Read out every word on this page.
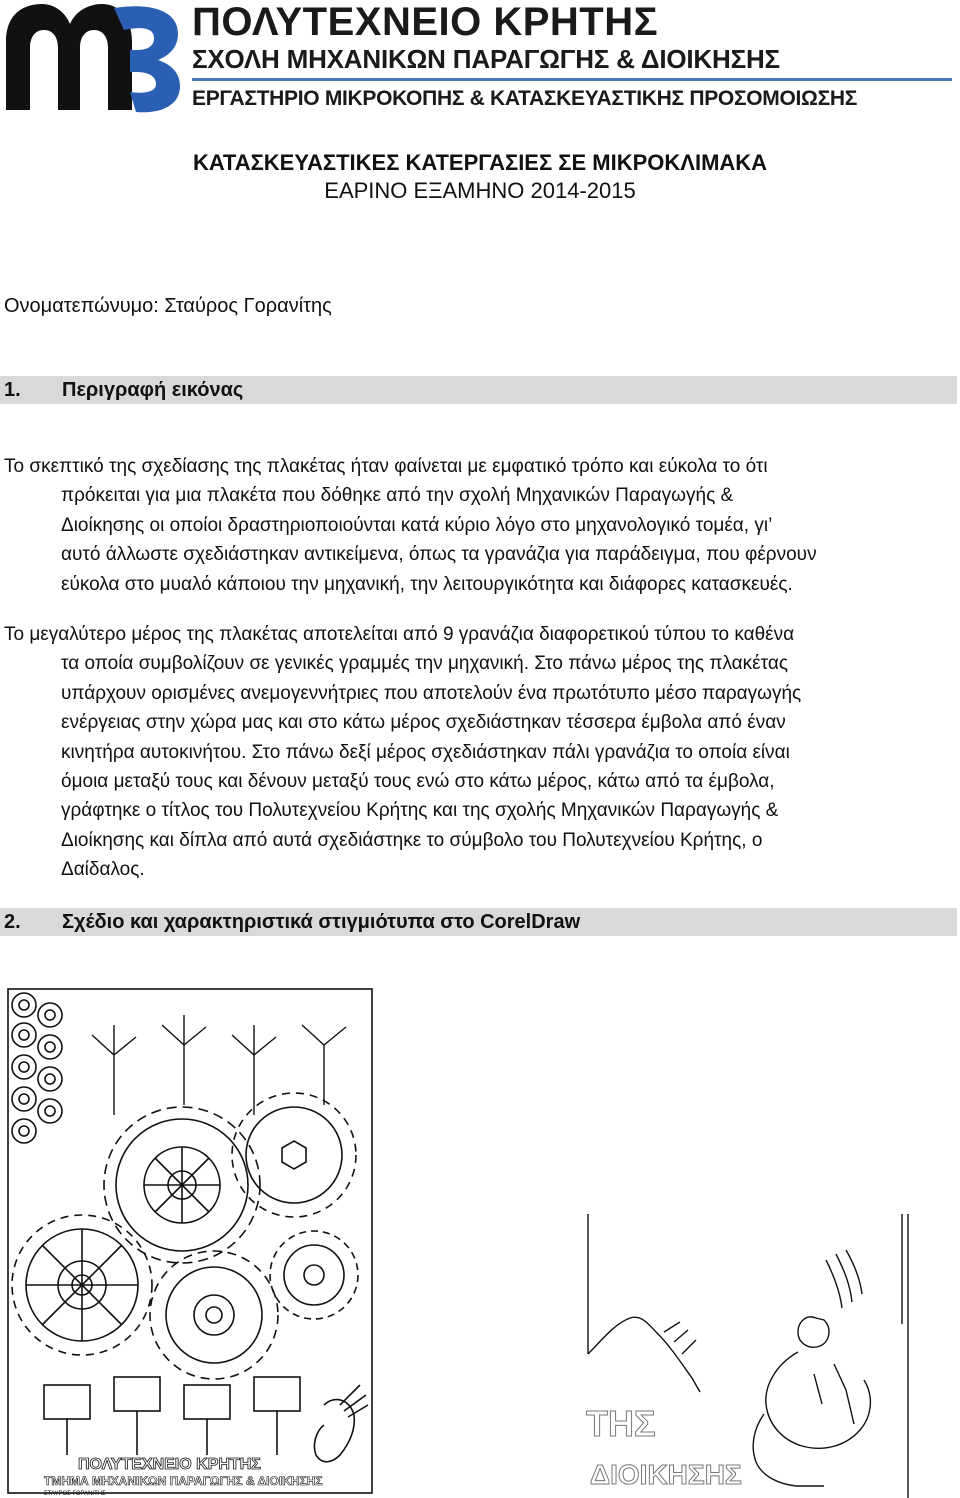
ΠΟΛΥΤΕΧΝΕΙΟ ΚΡΗΤΗΣ
ΣΧΟΛΗ ΜΗΧΑΝΙΚΩΝ ΠΑΡΑΓΩΓΗΣ & ΔΙΟΙΚΗΣΗΣ
ΕΡΓΑΣΤΗΡΙΟ ΜΙΚΡΟΚΟΠΗΣ & ΚΑΤΑΣΚΕΥΑΣΤΙΚΗΣ ΠΡΟΣΟΜΟΙΩΣΗΣ
ΚΑΤΑΣΚΕΥΑΣΤΙΚΕΣ ΚΑΤΕΡΓΑΣΙΕΣ ΣΕ ΜΙΚΡΟΚΛΙΜΑΚΑ
ΕΑΡΙΝΟ ΕΞΑΜΗΝΟ 2014-2015
Ονοματεπώνυμο: Σταύρος Γορανίτης
1. Περιγραφή εικόνας
Το σκεπτικό της σχεδίασης της πλακέτας ήταν φαίνεται με εμφατικό τρόπο και εύκολα το ότι
πρόκειται για μια πλακέτα που δόθηκε από την σχολή Μηχανικών Παραγωγής &
Διοίκησης οι οποίοι δραστηριοποιούνται κατά κύριο λόγο στο μηχανολογικό τομέα, γι’
αυτό άλλωστε σχεδιάστηκαν αντικείμενα, όπως τα γρανάζια για παράδειγμα, που φέρνουν
εύκολα στο μυαλό κάποιου την μηχανική, την λειτουργικότητα και διάφορες κατασκευές.
Το μεγαλύτερο μέρος της πλακέτας αποτελείται από 9 γρανάζια διαφορετικού τύπου το καθένα
τα οποία συμβολίζουν σε γενικές γραμμές την μηχανική. Στο πάνω μέρος της πλακέτας
υπάρχουν ορισμένες ανεμογεννήτριες που αποτελούν ένα πρωτότυπο μέσο παραγωγής
ενέργειας στην χώρα μας και στο κάτω μέρος σχεδιάστηκαν τέσσερα έμβολα από έναν
κινητήρα αυτοκινήτου. Στο πάνω δεξί μέρος σχεδιάστηκαν πάλι γρανάζια το οποία είναι
όμοια μεταξύ τους και δένουν μεταξύ τους ενώ στο κάτω μέρος, κάτω από τα έμβολα,
γράφτηκε ο τίτλος του Πολυτεχνείου Κρήτης και της σχολής Μηχανικών Παραγωγής &
Διοίκησης και δίπλα από αυτά σχεδιάστηκε το σύμβολο του Πολυτεχνείου Κρήτης, ο
Δαίδαλος.
2. Σχέδιο και χαρακτηριστικά στιγμιότυπα στο CorelDraw
ΠΟΛΥΤΕΧΝΕΙΟ ΚΡΗΤΗΣ
ΤΜΗΜΑ ΜΗΧΑΝΙΚΩΝ ΠΑΡΑΓΩΓΗΣ & ΔΙΟΙΚΗΣΗΣ
ΣΤΑΥΡΟΣ ΓΟΡΑΝΙΤΗΣ
ΤΗΣ
ΔΙΟΙΚΗΣΗΣ
